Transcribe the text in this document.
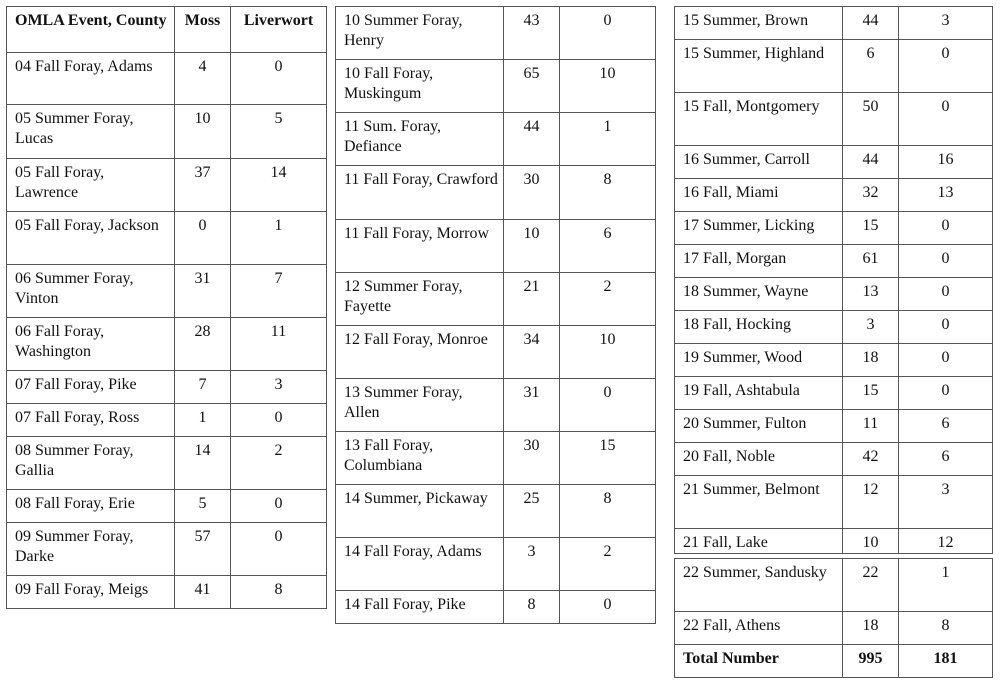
OMLA Event, County	Moss	Liverwort
04 Fall Foray, Adams	4	0
05 Summer Foray, Lucas	10	5
05 Fall Foray, Lawrence	37	14
05 Fall Foray, Jackson	0	1
06 Summer Foray, Vinton	31	7
06 Fall Foray, Washington	28	11
07 Fall Foray, Pike	7	3
07 Fall Foray, Ross	1	0
08 Summer Foray, Gallia	14	2
08 Fall Foray, Erie	5	0
09 Summer Foray, Darke	57	0
09 Fall Foray, Meigs	41	8
10 Summer Foray, Henry	43	0
10 Fall Foray, Muskingum	65	10
11 Sum. Foray, Defiance	44	1
11 Fall Foray, Crawford	30	8
11 Fall Foray, Morrow	10	6
12 Summer Foray, Fayette	21	2
12 Fall Foray, Monroe	34	10
13 Summer Foray, Allen	31	0
13 Fall Foray, Columbiana	30	15
14 Summer, Pickaway	25	8
14 Fall Foray, Adams	3	2
14 Fall Foray, Pike	8	0
15 Summer, Brown	44	3
15 Summer, Highland	6	0
15 Fall, Montgomery	50	0
16 Summer, Carroll	44	16
16 Fall, Miami	32	13
17 Summer, Licking	15	0
17 Fall, Morgan	61	0
18 Summer, Wayne	13	0
18 Fall, Hocking	3	0
19 Summer, Wood	18	0
19 Fall, Ashtabula	15	0
20 Summer, Fulton	11	6
20 Fall, Noble	42	6
21 Summer, Belmont	12	3
21 Fall, Lake	10	12
22 Summer, Sandusky	22	1
22 Fall, Athens	18	8
Total Number	995	181
